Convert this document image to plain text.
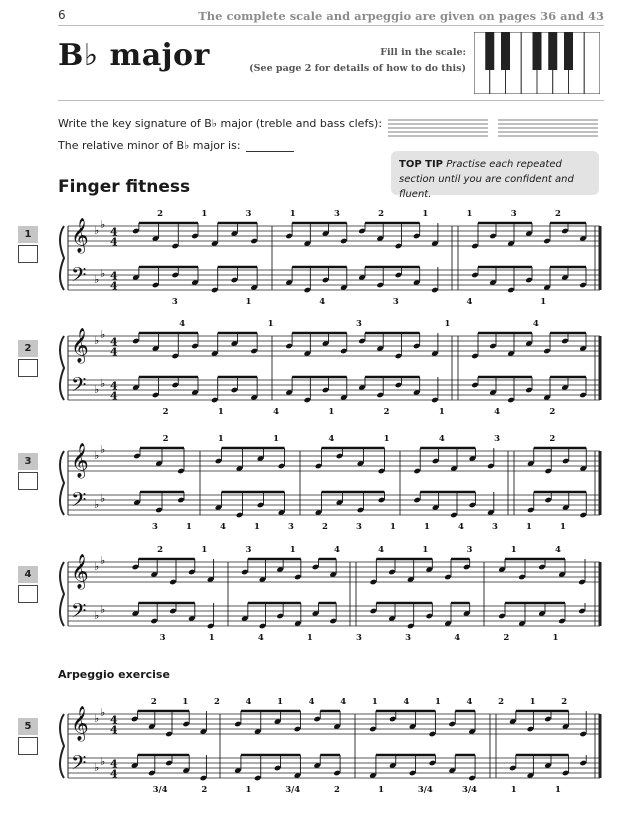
6	The complete scale and arpeggio are given on pages 36 and 43
B♭ major	Fill in the scale:
(See page 2 for details of how to do this)
Write the key signature of B♭ major (treble and bass clefs):
The relative minor of B♭ major is:
TOP TIP Practise each repeated section until you are confident and fluent.
Finger fitness
Arpeggio exercise
1
2
3
4
5
𝄞
𝄢
♭ ♭
♭ ♭
4
4
4
4
2	1	3	1	3	2	1	1	3	2
3	1	4	3	4	1
𝄞
𝄢
♭ ♭
♭ ♭
4
4
4
4
4	1	3	1	4
2	1	4	1	2	1	4	2
𝄞
𝄢
♭ ♭
♭ ♭
2	1	1	4	1	4	3	2
3	1	4	1	3	2	3	1	1	4	3	1	1
𝄞
𝄢
♭ ♭
♭ ♭
2	1	3	1	4	4	1	3	1	4
3	1	4	1	3	3	4	2	1
𝄞
𝄢
♭ ♭
♭ ♭
4
4
4
4
2	1	2	4	1	4	4	1	4	1	4	2	1	2
3/4	2	1	3/4	2	1	3/4	3/4	1	1
